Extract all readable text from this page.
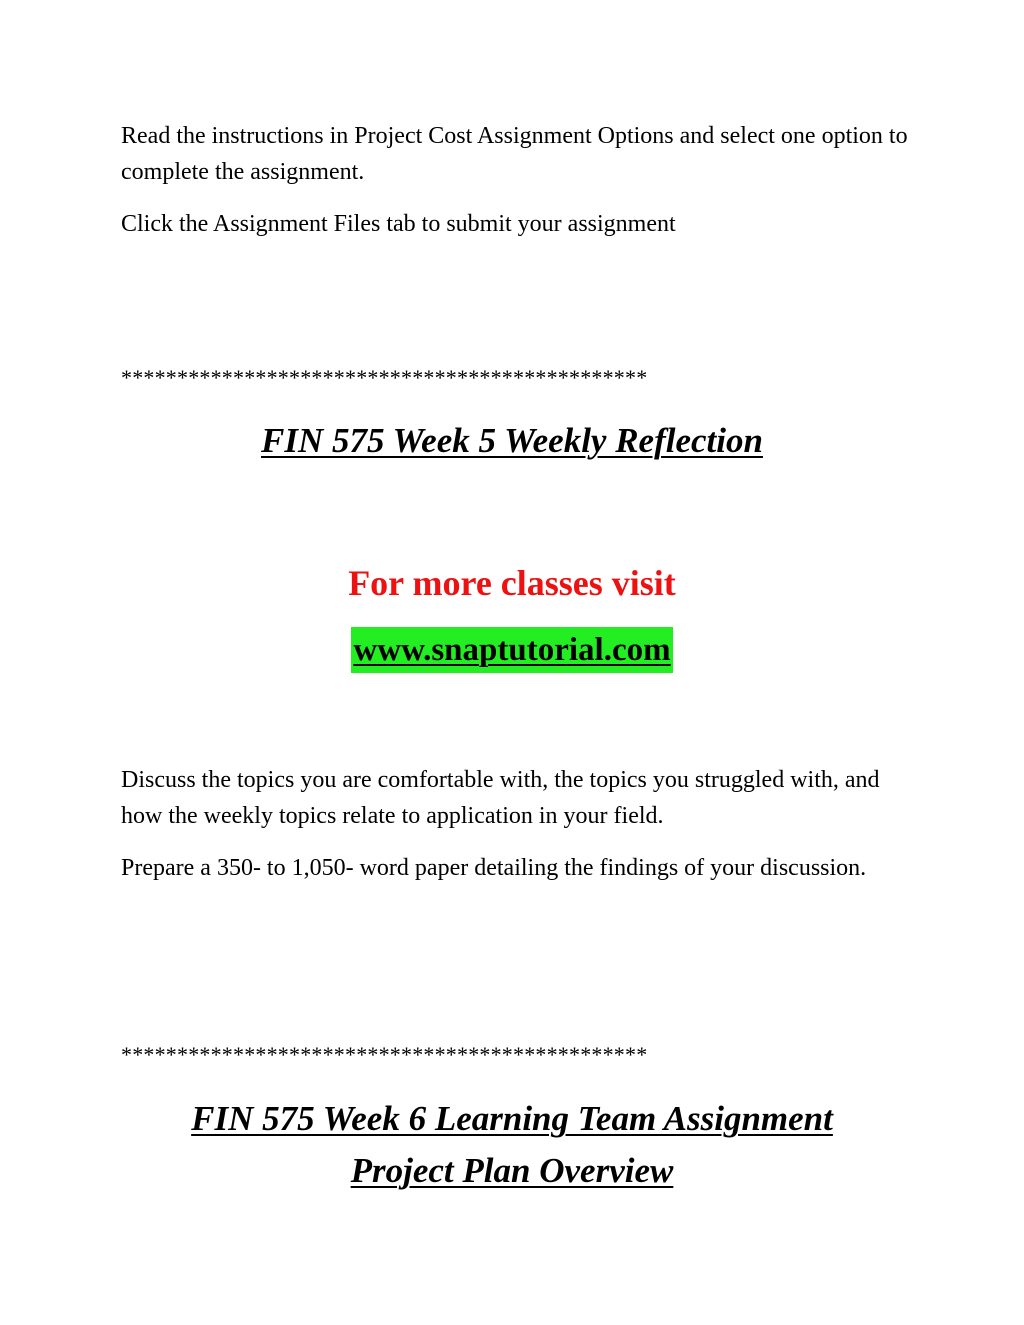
Read the instructions in Project Cost Assignment Options and select one option to complete the assignment.

Click the Assignment Files tab to submit your assignment

***********************************************

FIN 575 Week 5 Weekly Reflection

For more classes visit

www.snaptutorial.com

Discuss the topics you are comfortable with, the topics you struggled with, and how the weekly topics relate to application in your field.

Prepare a 350- to 1,050- word paper detailing the findings of your discussion.

***********************************************

FIN 575 Week 6 Learning Team Assignment
Project Plan Overview
